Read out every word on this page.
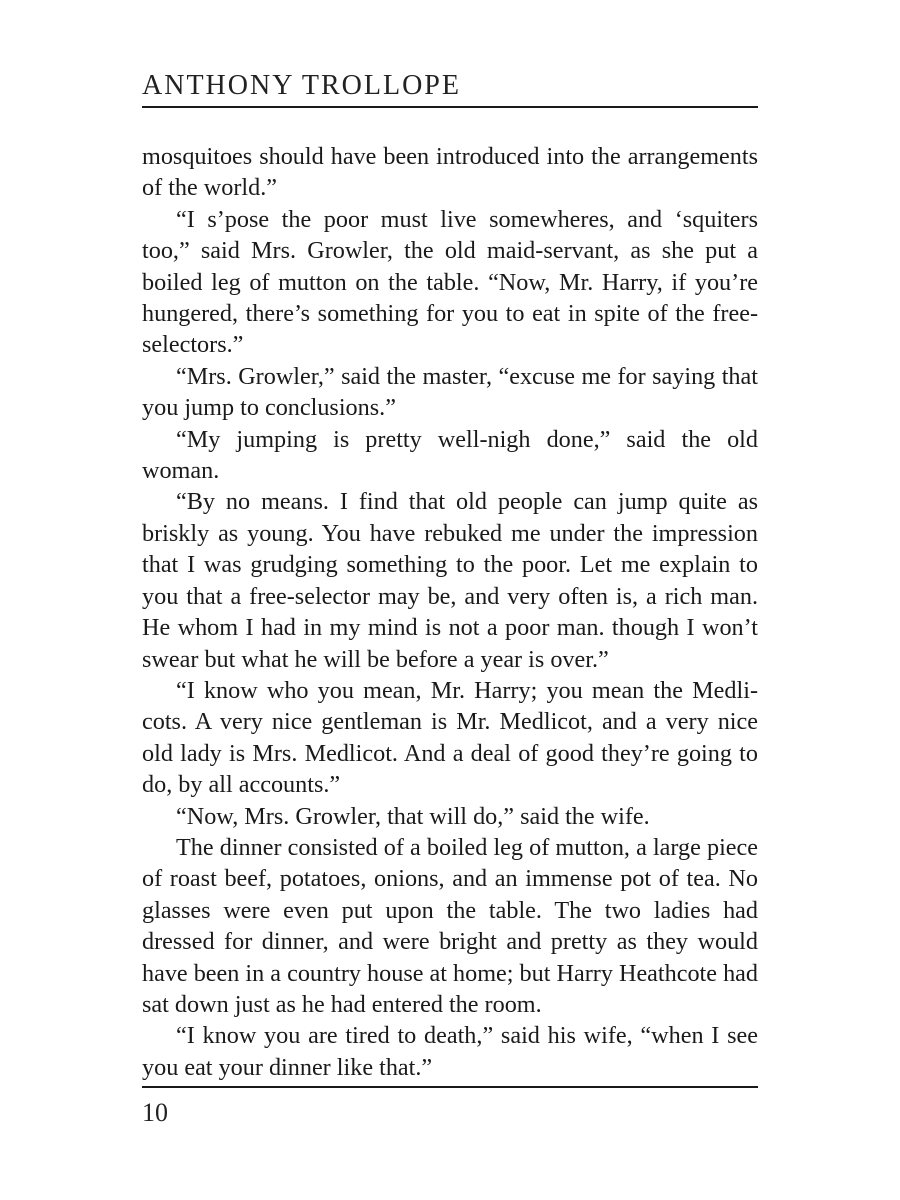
ANTHONY TROLLOPE

mosquitoes should have been introduced into the arrangements of the world.”

“I s’pose the poor must live somewheres, and ‘squiters too,” said Mrs. Growler, the old maid-servant, as she put a boiled leg of mutton on the table. “Now, Mr. Harry, if you’re hungered, there’s something for you to eat in spite of the free-selectors.”

“Mrs. Growler,” said the master, “excuse me for saying that you jump to conclusions.”

“My jumping is pretty well-nigh done,” said the old woman.

“By no means. I find that old people can jump quite as briskly as young. You have rebuked me under the impression that I was grudging something to the poor. Let me explain to you that a free-selector may be, and very often is, a rich man. He whom I had in my mind is not a poor man. though I won’t swear but what he will be before a year is over.”

“I know who you mean, Mr. Harry; you mean the Medlicots. A very nice gentleman is Mr. Medlicot, and a very nice old lady is Mrs. Medlicot. And a deal of good they’re going to do, by all accounts.”

“Now, Mrs. Growler, that will do,” said the wife.

The dinner consisted of a boiled leg of mutton, a large piece of roast beef, potatoes, onions, and an immense pot of tea. No glasses were even put upon the table. The two ladies had dressed for dinner, and were bright and pretty as they would have been in a country house at home; but Harry Heathcote had sat down just as he had entered the room.

“I know you are tired to death,” said his wife, “when I see you eat your dinner like that.”

10
